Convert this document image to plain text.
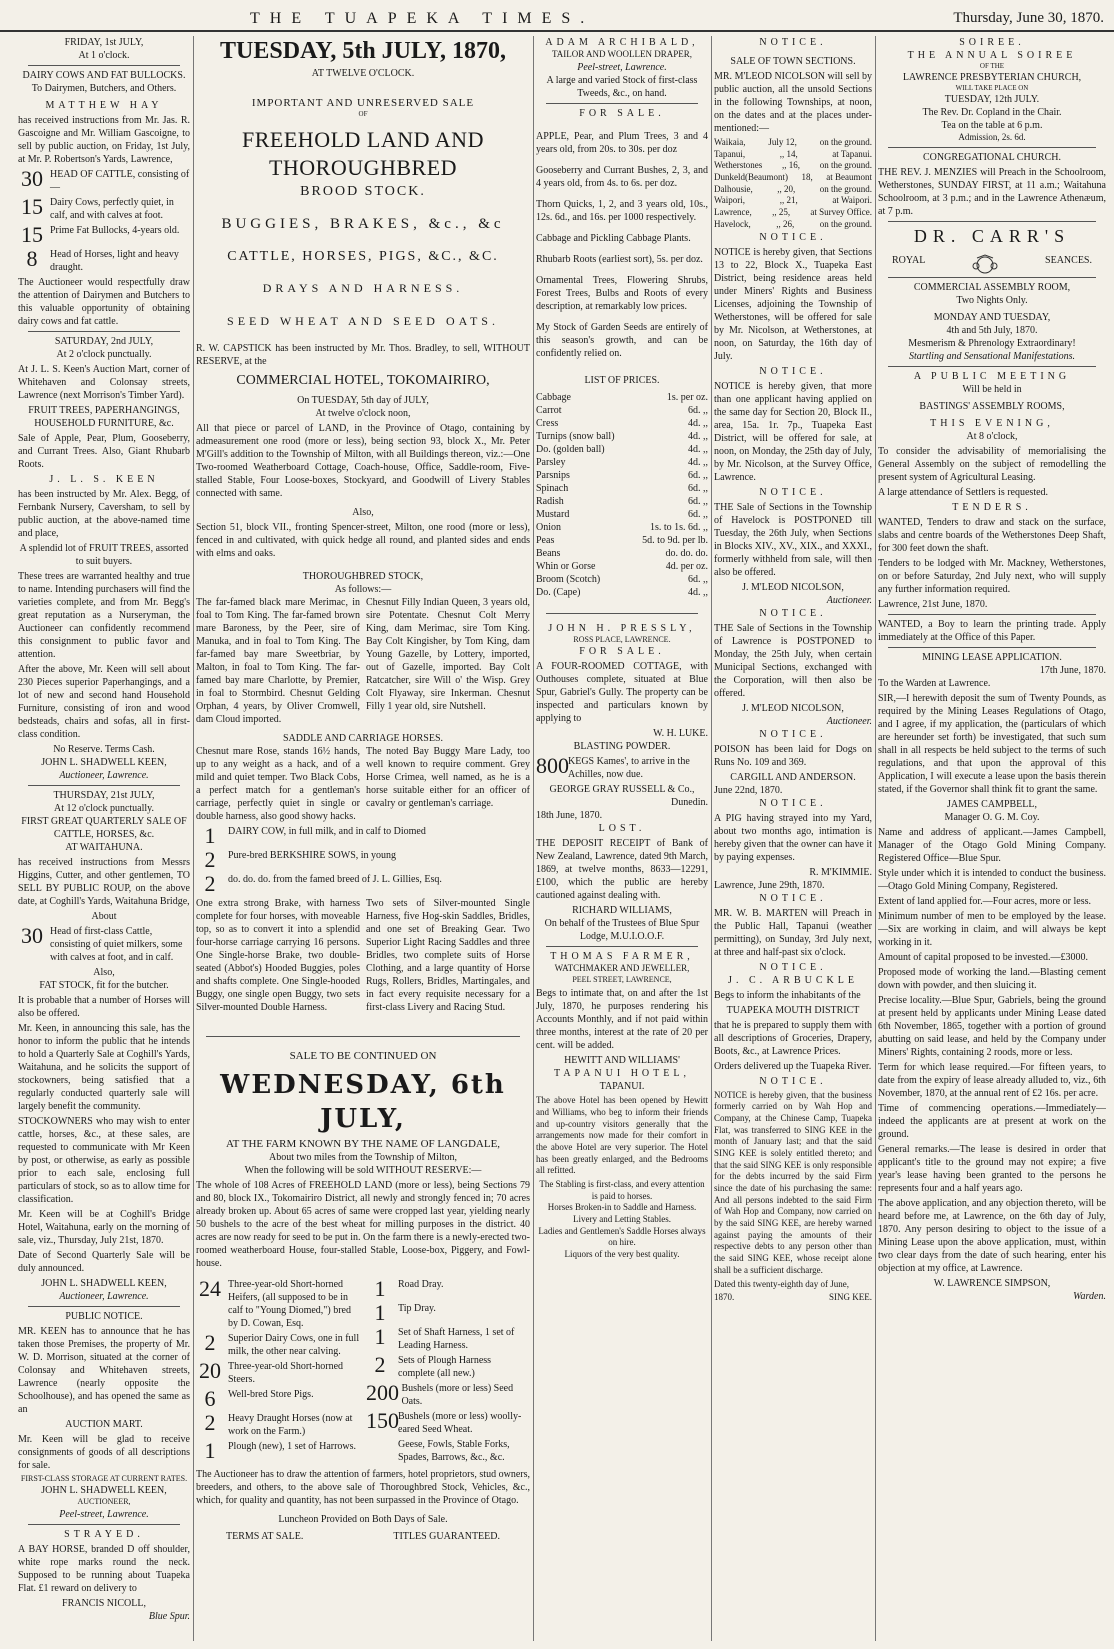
THE TUAPEKA TIMES.	Thursday, June 30, 1870.
FRIDAY, 1st JULY,
At 1 o'clock.
DAIRY COWS AND FAT BULLOCKS.
To Dairymen, Butchers, and Others.
MATTHEW HAY

has received instructions from Mr. Jas. R. Gascoigne and Mr. William Gascoigne, to sell by public auction, on Friday, 1st July, at Mr. P. Robertson's Yards, Lawrence,

30 HEAD OF CATTLE, consisting of—
15 Dairy Cows, perfectly quiet, in calf, and with calves at foot.
15 Prime Fat Bullocks, 4-years old.
8	Head of Horses, light and heavy draught.

The Auctioneer would respectfully draw the attention of Dairymen and Butchers to this valuable opportunity of obtaining dairy cows and fat cattle.

SATURDAY, 2nd JULY,
At 2 o'clock punctually.

At J. L. S. Keen's Auction Mart, corner of Whitehaven and Colonsay streets, Lawrence (next Morrison's Timber Yard).

FRUIT TREES, PAPERHANGINGS, HOUSEHOLD FURNITURE, &c.

Sale of Apple, Pear, Plum, Gooseberry, and Currant Trees. Also, Giant Rhubarb Roots.

J. L. S. KEEN

has been instructed by Mr. Alex. Begg, of Fernbank Nursery, Caversham, to sell by public auction, at the above-named time and place,

A splendid lot of FRUIT TREES, assorted to suit buyers.

These trees are warranted healthy and true to name. Intending purchasers will find the varieties complete, and from Mr. Begg's great reputation as a Nurseryman, the Auctioneer can confidently recommend this consignment to public favor and attention.

After the above, Mr. Keen will sell about 230 Pieces superior Paperhangings, and a lot of new and second hand Household Furniture, consisting of iron and wood bedsteads, chairs and sofas, all in first-class condition.

No Reserve. Terms Cash.
JOHN L. SHADWELL KEEN,
Auctioneer, Lawrence.
THURSDAY, 21st JULY,
At 12 o'clock punctually.
FIRST GREAT QUARTERLY SALE OF CATTLE, HORSES, &c.
AT WAITAHUNA.

has received instructions from Messrs Higgins, Cutter, and other gentlemen, TO SELL BY PUBLIC ROUP, on the above date, at Coghill's Yards, Waitahuna Bridge,

About
30 Head of first-class Cattle, consisting of quiet milkers, some with calves at foot, and in calf.
Also,
FAT STOCK, fit for the butcher.

It is probable that a number of Horses will also be offered.

Mr. Keen, in announcing this sale, has the honor to inform the public that he intends to hold a Quarterly Sale at Coghill's Yards, Waitahuna, and he solicits the support of stockowners, being satisfied that a regularly conducted quarterly sale will largely benefit the community.

STOCKOWNERS who may wish to enter cattle, horses, &c., at these sales, are requested to communicate with Mr Keen by post, or otherwise, as early as possible prior to each sale, enclosing full particulars of stock, so as to allow time for classification.

Mr. Keen will be at Coghill's Bridge Hotel, Waitahuna, early on the morning of sale, viz., Thursday, July 21st, 1870.

Date of Second Quarterly Sale will be duly announced.

JOHN L. SHADWELL KEEN,
Auctioneer, Lawrence.
PUBLIC NOTICE.

MR. KEEN has to announce that he has taken those Premises, the property of Mr. W. D. Morrison, situated at the corner of Colonsay and Whitehaven streets, Lawrence (nearly opposite the Schoolhouse), and has opened the same as an

AUCTION MART.

Mr. Keen will be glad to receive consignments of goods of all descriptions for sale.

FIRST-CLASS STORAGE AT CURRENT RATES.
JOHN L. SHADWELL KEEN,
AUCTIONEER,
Peel-street, Lawrence.
STRAYED.

A BAY HORSE, branded D off shoulder, white rope marks round the neck. Supposed to be running about Tuapeka Flat. £1 reward on delivery to

FRANCIS NICOLL,
Blue Spur.
TUESDAY, 5th JULY, 1870,
AT TWELVE O'CLOCK.
IMPORTANT AND UNRESERVED SALE
OF
FREEHOLD LAND AND THOROUGHBRED
BROOD STOCK.
BUGGIES, BRAKES, &c., &c
CATTLE, HORSES, PIGS, &C., &C.
DRAYS AND HARNESS.
SEED WHEAT AND SEED OATS.

R. W. CAPSTICK has been instructed by Mr. Thos. Bradley, to sell, WITHOUT RESERVE, at the

COMMERCIAL HOTEL, TOKOMAIRIRO,
On TUESDAY, 5th day of JULY,
At twelve o'clock noon,

All that piece or parcel of LAND, in the Province of Otago, containing by admeasurement one rood (more or less), being section 93, block X., Mr. Peter M'Gill's addition to the Township of Milton, with all Buildings thereon, viz.:—One Two-roomed Weatherboard Cottage, Coach-house, Office, Saddle-room, Five-stalled Stable, Four Loose-boxes, Stockyard, and Goodwill of Livery Stables connected with same.

Also,

Section 51, block VII., fronting Spencer-street, Milton, one rood (more or less), fenced in and cultivated, with quick hedge all round, and planted sides and ends with elms and oaks.

THOROUGHBRED STOCK,
As follows:—
The far-famed black mare Merimac, in foal to Tom King. The far-famed brown mare Baroness, by the Peer, sire of Manuka, and in foal to Tom King. The far-famed bay mare Sweetbriar, by Malton, in foal to Tom King. The far-famed bay mare Charlotte, by Premier, in foal to Stormbird. Chesnut Gelding Orphan, 4 years, by Oliver Cromwell, dam Cloud imported.
Chesnut Filly Indian Queen, 3 years old, sire Potentate. Chesnut Colt Merry King, dam Merimac, sire Tom King. Bay Colt Kingisher, by Tom King, dam Young Gazelle, by Lottery, imported, out of Gazelle, imported. Bay Colt Ratcatcher, sire Will o' the Wisp. Grey Colt Flyaway, sire Inkerman. Chesnut Filly 1 year old, sire Nutshell.
SADDLE AND CARRIAGE HORSES.
Chesnut mare Rose, stands 16½ hands, up to any weight as a hack, and of a mild and quiet temper. Two Black Cobs, a perfect match for a gentleman's carriage, perfectly quiet in single or double harness, also good showy hacks.
The noted Bay Buggy Mare Lady, too well known to require comment. Grey Horse Crimea, well named, as he is a horse suitable either for an officer of cavalry or gentleman's carriage.
1	DAIRY COW, in full milk, and in calf to Diomed
2	Pure-bred BERKSHIRE SOWS, in young
2	do. do. do. from the famed breed of J. L. Gillies, Esq.
One extra strong Brake, with harness complete for four horses, with moveable top, so as to convert it into a splendid four-horse carriage carrying 16 persons. One Single-horse Brake, two double-seated (Abbot's) Hooded Buggies, poles and shafts complete. One Single-hooded Buggy, one single open Buggy, two sets Silver-mounted Double Harness.
Two sets of Silver-mounted Single Harness, five Hog-skin Saddles, Bridles, and one set of Breaking Gear. Two Superior Light Racing Saddles and three Bridles, two complete suits of Horse Clothing, and a large quantity of Horse Rugs, Rollers, Bridles, Martingales, and in fact every requisite necessary for a first-class Livery and Racing Stud.
SALE TO BE CONTINUED ON
WEDNESDAY, 6th JULY,
AT THE FARM KNOWN BY THE NAME OF LANGDALE,
About two miles from the Township of Milton,
When the following will be sold WITHOUT RESERVE:—

The whole of 108 Acres of FREEHOLD LAND (more or less), being Sections 79 and 80, block IX., Tokomairiro District, all newly and strongly fenced in; 70 acres already broken up. About 65 acres of same were cropped last year, yielding nearly 50 bushels to the acre of the best wheat for milling purposes in the district. 40 acres are now ready for seed to be put in. On the farm there is a newly-erected two-roomed weatherboard House, four-stalled Stable, Loose-box, Piggery, and Fowl-house.

24 Three-year-old Short-horned Heifers, (all supposed to be in calf to "Young Diomed,") bred by D. Cowan, Esq.
2	Superior Dairy Cows, one in full milk, the other near calving.
20 Three-year-old Short-horned Steers.
6	Well-bred Store Pigs.
2	Heavy Draught Horses (now at work on the Farm.)
1	Plough (new), 1 set of Harrows.
1	Road Dray.
1	Tip Dray.
1	Set of Shaft Harness, 1 set of Leading Harness.
2	Sets of Plough Harness complete (all new.)
200 Bushels (more or less) Seed Oats.
150 Bushels (more or less) woolly-eared Seed Wheat.
Geese, Fowls, Stable Forks, Spades, Barrows, &c., &c.

The Auctioneer has to draw the attention of farmers, hotel proprietors, stud owners, breeders, and others, to the above sale of Thoroughbred Stock, Vehicles, &c., which, for quality and quantity, has not been surpassed in the Province of Otago.

Luncheon Provided on Both Days of Sale.
TERMS AT SALE.	TITLES GUARANTEED.
ADAM ARCHIBALD,
TAILOR AND WOOLLEN DRAPER,
Peel-street, Lawrence.
A large and varied Stock of first-class Tweeds, &c., on hand.
FOR SALE.

APPLE, Pear, and Plum Trees, 3 and 4 years old, from 20s. to 30s. per doz

Gooseberry and Currant Bushes, 2, 3, and 4 years old, from 4s. to 6s. per doz.

Thorn Quicks, 1, 2, and 3 years old, 10s., 12s. 6d., and 16s. per 1000 respectively.

Cabbage and Pickling Cabbage Plants.

Rhubarb Roots (earliest sort), 5s. per doz.

Ornamental Trees, Flowering Shrubs, Forest Trees, Bulbs and Roots of every description, at remarkably low prices.

My Stock of Garden Seeds are entirely of this season's growth, and can be confidently relied on.

LIST OF PRICES.
Cabbage	1s. per oz.
Carrot	6d. ,,
Cress	4d. ,,
Turnips (snow ball)	4d. ,,
Do. (golden ball)	4d. ,,
Parsley	4d. ,,
Parsnips	6d. ,,
Spinach	6d. ,,
Radish	6d. ,,
Mustard	6d. ,,
Onion	1s. to 1s. 6d. ,,
Peas	5d. to 9d. per lb.
Beans	do. do. do.
Whin or Gorse	4d. per oz.
Broom (Scotch)	6d. ,,
Do. (Cape)	4d. ,,
JOHN H. PRESSLY,
ROSS PLACE, LAWRENCE.
FOR SALE.

A FOUR-ROOMED COTTAGE, with Outhouses complete, situated at Blue Spur, Gabriel's Gully. The property can be inspected and particulars known by applying to

W. H. LUKE.
BLASTING POWDER.
800 KEGS Kames', to arrive in the Achilles, now due.
GEORGE GRAY RUSSELL & Co.,
Dunedin.
18th June, 1870.
LOST.

THE DEPOSIT RECEIPT of Bank of New Zealand, Lawrence, dated 9th March, 1869, at twelve months, 8633—12291, £100, which the public are hereby cautioned against dealing with.

RICHARD WILLIAMS,
On behalf of the Trustees of Blue Spur Lodge, M.U.I.O.O.F.
THOMAS FARMER,
WATCHMAKER AND JEWELLER,
PEEL STREET, LAWRENCE,

Begs to intimate that, on and after the 1st July, 1870, he purposes rendering his Accounts Monthly, and if not paid within three months, interest at the rate of 20 per cent. will be added.

HEWITT AND WILLIAMS'
TAPANUI HOTEL,
TAPANUI.

The above Hotel has been opened by Hewitt and Williams, who beg to inform their friends and up-country visitors generally that the arrangements now made for their comfort in the above Hotel are very superior. The Hotel has been greatly enlarged, and the Bedrooms all refitted.

The Stabling is first-class, and every attention is paid to horses.
Horses Broken-in to Saddle and Harness.
Livery and Letting Stables.
Ladies and Gentlemen's Saddle Horses always on hire.
Liquors of the very best quality.
NOTICE.
SALE OF TOWN SECTIONS.

MR. M'LEOD NICOLSON will sell by public auction, all the unsold Sections in the following Townships, at noon, on the dates and at the places under-mentioned:—

Waikaia,	July 12,	on the ground.
Tapanui,	,, 14,	at Tapanui.
Wetherstones ,, 16, on the ground.
Dunkeld(Beaumont) 18, at Beaumont
Dalhousie,	,, 20,	on the ground.
Waipori,	,, 21,	at Waipori.
Lawrence, ,, 25, at Survey Office.
Havelock,	,, 26,	on the ground.
NOTICE.

NOTICE is hereby given, that Sections 13 to 22, Block X., Tuapeka East District, being residence areas held under Miners' Rights and Business Licenses, adjoining the Township of Wetherstones, will be offered for sale by Mr. Nicolson, at Wetherstones, at noon, on Saturday, the 16th day of July.

NOTICE.

NOTICE is hereby given, that more than one applicant having applied on the same day for Section 20, Block II., area, 15a. 1r. 7p., Tuapeka East District, will be offered for sale, at noon, on Monday, the 25th day of July, by Mr. Nicolson, at the Survey Office, Lawrence.

NOTICE.

THE Sale of Sections in the Township of Havelock is POSTPONED till Tuesday, the 26th July, when Sections in Blocks XIV., XV., XIX., and XXXI., formerly withheld from sale, will then also be offered.

J. M'LEOD NICOLSON,
Auctioneer.
NOTICE.

THE Sale of Sections in the Township of Lawrence is POSTPONED to Monday, the 25th July, when certain Municipal Sections, exchanged with the Corporation, will then also be offered.

J. M'LEOD NICOLSON,
Auctioneer.
NOTICE.

POISON has been laid for Dogs on Runs No. 109 and 369.

CARGILL AND ANDERSON.
June 22nd, 1870.
NOTICE.

A PIG having strayed into my Yard, about two months ago, intimation is hereby given that the owner can have it by paying expenses.

R. M'KIMMIE.
Lawrence, June 29th, 1870.
NOTICE.

MR. W. B. MARTEN will Preach in the Public Hall, Tapanui (weather permitting), on Sunday, 3rd July next, at three and half-past six o'clock.

NOTICE.
J. C. ARBUCKLE

Begs to inform the inhabitants of the

TUAPEKA MOUTH DISTRICT

that he is prepared to supply them with all descriptions of Groceries, Drapery, Boots, &c., at Lawrence Prices.

Orders delivered up the Tuapeka River.

NOTICE.

NOTICE is hereby given, that the business formerly carried on by Wah Hop and Company, at the Chinese Camp, Tuapeka Flat, was transferred to SING KEE in the month of January last; and that the said SING KEE is solely entitled thereto; and that the said SING KEE is only responsible for the debts incurred by the said Firm since the date of his purchasing the same: And all persons indebted to the said Firm of Wah Hop and Company, now carried on by the said SING KEE, are hereby warned against paying the amounts of their respective debts to any person other than the said SING KEE, whose receipt alone shall be a sufficient discharge.

Dated this twenty-eighth day of June,

1870.	SING KEE.
SOIREE.
THE ANNUAL SOIREE
OF THE
LAWRENCE PRESBYTERIAN CHURCH,
WILL TAKE PLACE ON
TUESDAY, 12th JULY.
The Rev. Dr. Copland in the Chair.
Tea on the table at 6 p.m.
Admission, 2s. 6d.
CONGREGATIONAL CHURCH.

THE REV. J. MENZIES will Preach in the Schoolroom, Wetherstones, SUNDAY FIRST, at 11 a.m.; Waitahuna Schoolroom, at 3 p.m.; and in the Lawrence Athenæum, at 7 p.m.

DR. CARR'S
ROYAL	SEANCES.
COMMERCIAL ASSEMBLY ROOM,
Two Nights Only.
MONDAY AND TUESDAY,
4th and 5th July, 1870.
Mesmerism & Phrenology Extraordinary!
Startling and Sensational Manifestations.
A PUBLIC MEETING
Will be held in
BASTINGS' ASSEMBLY ROOMS,
THIS EVENING,
At 8 o'clock,

To consider the advisability of memorialising the General Assembly on the subject of remodelling the present system of Agricultural Leasing.

A large attendance of Settlers is requested.

TENDERS.

WANTED, Tenders to draw and stack on the surface, slabs and centre boards of the Wetherstones Deep Shaft, for 300 feet down the shaft.

Tenders to be lodged with Mr. Mackney, Wetherstones, on or before Saturday, 2nd July next, who will supply any further information required.

Lawrence, 21st June, 1870.

WANTED, a Boy to learn the printing trade. Apply immediately at the Office of this Paper.

MINING LEASE APPLICATION.
17th June, 1870.
To the Warden at Lawrence.

SIR,—I herewith deposit the sum of Twenty Pounds, as required by the Mining Leases Regulations of Otago, and I agree, if my application, the (particulars of which are hereunder set forth) be investigated, that such sum shall in all respects be held subject to the terms of such regulations, and that upon the approval of this Application, I will execute a lease upon the basis therein stated, if the Governor shall think fit to grant the same.

JAMES CAMPBELL,
Manager O. G. M. Coy.

Name and address of applicant.—James Campbell, Manager of the Otago Gold Mining Company. Registered Office—Blue Spur.

Style under which it is intended to conduct the business.—Otago Gold Mining Company, Registered.

Extent of land applied for.—Four acres, more or less.

Minimum number of men to be employed by the lease.—Six are working in claim, and will always be kept working in it.

Amount of capital proposed to be invested.—£3000.

Proposed mode of working the land.—Blasting cement down with powder, and then sluicing it.

Precise locality.—Blue Spur, Gabriels, being the ground at present held by applicants under Mining Lease dated 6th November, 1865, together with a portion of ground abutting on said lease, and held by the Company under Miners' Rights, containing 2 roods, more or less.

Term for which lease required.—For fifteen years, to date from the expiry of lease already alluded to, viz., 6th November, 1870, at the annual rent of £2 16s. per acre.

Time of commencing operations.—Immediately—indeed the applicants are at present at work on the ground.

General remarks.—The lease is desired in order that applicant's title to the ground may not expire; a five year's lease having been granted to the persons he represents four and a half years ago.

The above application, and any objection thereto, will be heard before me, at Lawrence, on the 6th day of July, 1870. Any person desiring to object to the issue of a Mining Lease upon the above application, must, within two clear days from the date of such hearing, enter his objection at my office, at Lawrence.

W. LAWRENCE SIMPSON,
Warden.
